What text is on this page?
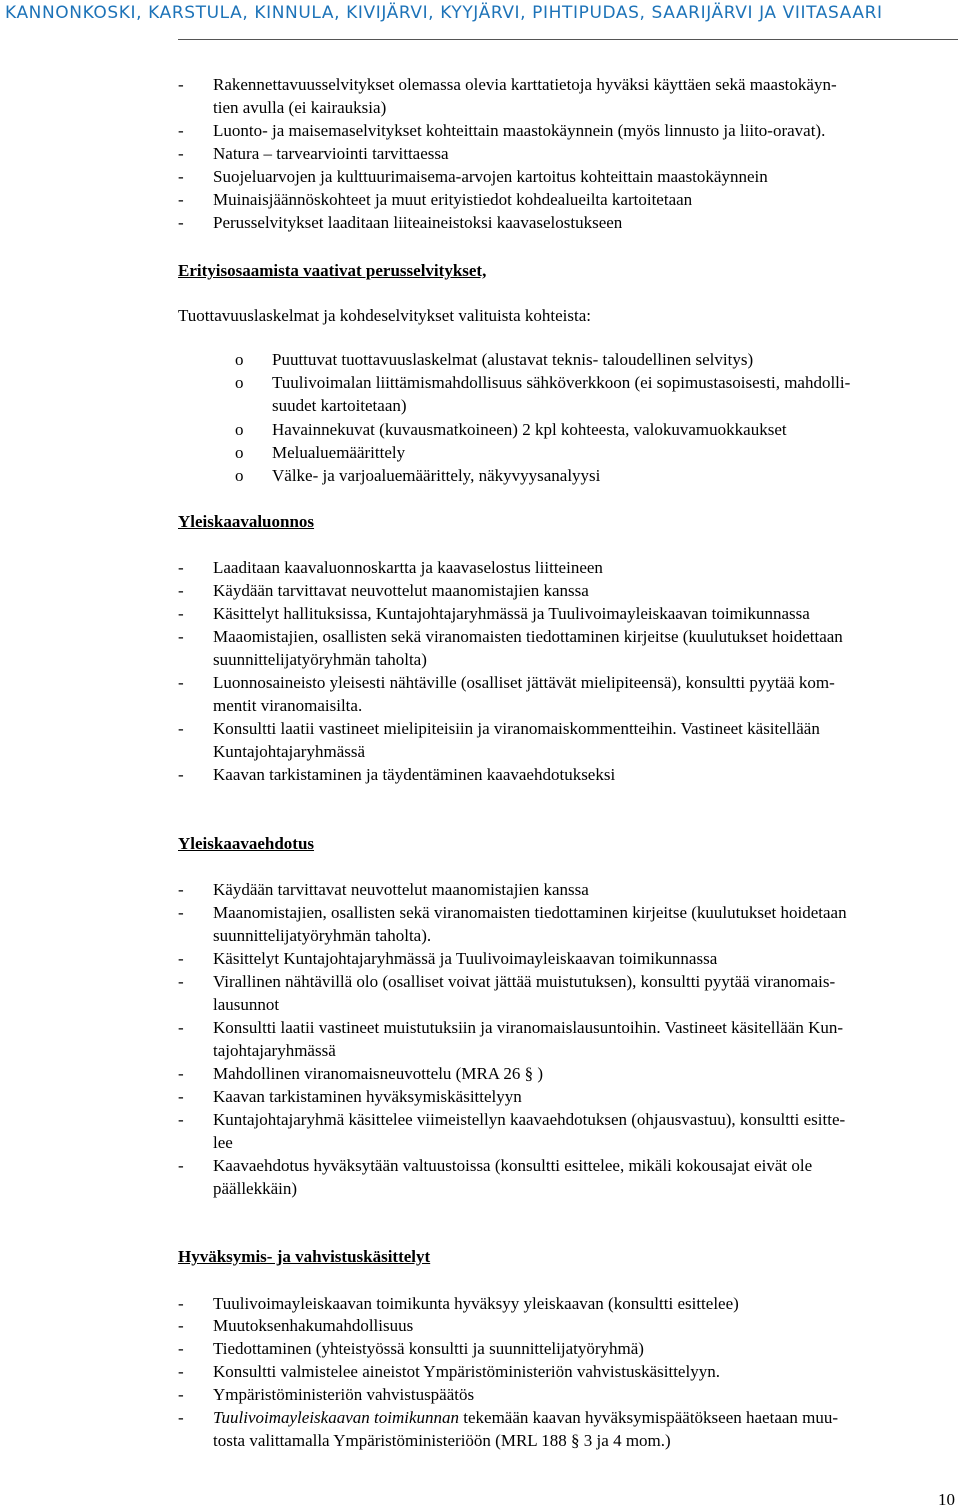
KANNONKOSKI, KARSTULA, KINNULA, KIVIJÄRVI, KYYJÄRVI, PIHTIPUDAS, SAARIJÄRVI JA VIITASAARI
- Rakennettavuusselvitykset olemassa olevia karttatietoja hyväksi käyttäen sekä maastokäyn-
tien avulla (ei kairauksia)
- Luonto- ja maisemaselvitykset kohteittain maastokäynnein (myös linnusto ja liito-oravat).
- Natura – tarvearviointi tarvittaessa
- Suojeluarvojen ja kulttuurimaisema-arvojen kartoitus kohteittain maastokäynnein
- Muinaisjäännöskohteet ja muut erityistiedot kohdealueilta kartoitetaan
- Perusselvitykset laaditaan liiteaineistoksi kaavaselostukseen
Erityisosaamista vaativat perusselvitykset,
Tuottavuuslaskelmat ja kohdeselvitykset valituista kohteista:
o Puuttuvat tuottavuuslaskelmat (alustavat teknis- taloudellinen selvitys)
o Tuulivoimalan liittämismahdollisuus sähköverkkoon (ei sopimustasoisesti, mahdolli-
suudet kartoitetaan)
o Havainnekuvat (kuvausmatkoineen) 2 kpl kohteesta, valokuvamuokkaukset
o Melualuemäärittely
o Välke- ja varjoaluemäärittely, näkyvyysanalyysi
Yleiskaavaluonnos
- Laaditaan kaavaluonnoskartta ja kaavaselostus liitteineen
- Käydään tarvittavat neuvottelut maanomistajien kanssa
- Käsittelyt hallituksissa, Kuntajohtajaryhmässä ja Tuulivoimayleiskaavan toimikunnassa
- Maaomistajien, osallisten sekä viranomaisten tiedottaminen kirjeitse (kuulutukset hoidettaan
suunnittelijatyöryhmän taholta)
- Luonnosaineisto yleisesti nähtäville (osalliset jättävät mielipiteensä), konsultti pyytää kom-
mentit viranomaisilta.
- Konsultti laatii vastineet mielipiteisiin ja viranomaiskommentteihin. Vastineet käsitellään
Kuntajohtajaryhmässä
- Kaavan tarkistaminen ja täydentäminen kaavaehdotukseksi
Yleiskaavaehdotus
- Käydään tarvittavat neuvottelut maanomistajien kanssa
- Maanomistajien, osallisten sekä viranomaisten tiedottaminen kirjeitse (kuulutukset hoidetaan
suunnittelijatyöryhmän taholta).
- Käsittelyt Kuntajohtajaryhmässä ja Tuulivoimayleiskaavan toimikunnassa
- Virallinen nähtävillä olo (osalliset voivat jättää muistutuksen), konsultti pyytää viranomais-
lausunnot
- Konsultti laatii vastineet muistutuksiin ja viranomaislausuntoihin. Vastineet käsitellään Kun-
tajohtajaryhmässä
- Mahdollinen viranomaisneuvottelu (MRA 26 § )
- Kaavan tarkistaminen hyväksymiskäsittelyyn
- Kuntajohtajaryhmä käsittelee viimeistellyn kaavaehdotuksen (ohjausvastuu), konsultti esitte-
lee
- Kaavaehdotus hyväksytään valtuustoissa (konsultti esittelee, mikäli kokousajat eivät ole
päällekkäin)
Hyväksymis- ja vahvistuskäsittelyt
- Tuulivoimayleiskaavan toimikunta hyväksyy yleiskaavan (konsultti esittelee)
- Muutoksenhakumahdollisuus
- Tiedottaminen (yhteistyössä konsultti ja suunnittelijatyöryhmä)
- Konsultti valmistelee aineistot Ympäristöministeriön vahvistuskäsittelyyn.
- Ympäristöministeriön vahvistuspäätös
- Tuulivoimayleiskaavan toimikunnan tekemään kaavan hyväksymispäätökseen haetaan muu-
tosta valittamalla Ympäristöministeriöön (MRL 188 § 3 ja 4 mom.)
10
